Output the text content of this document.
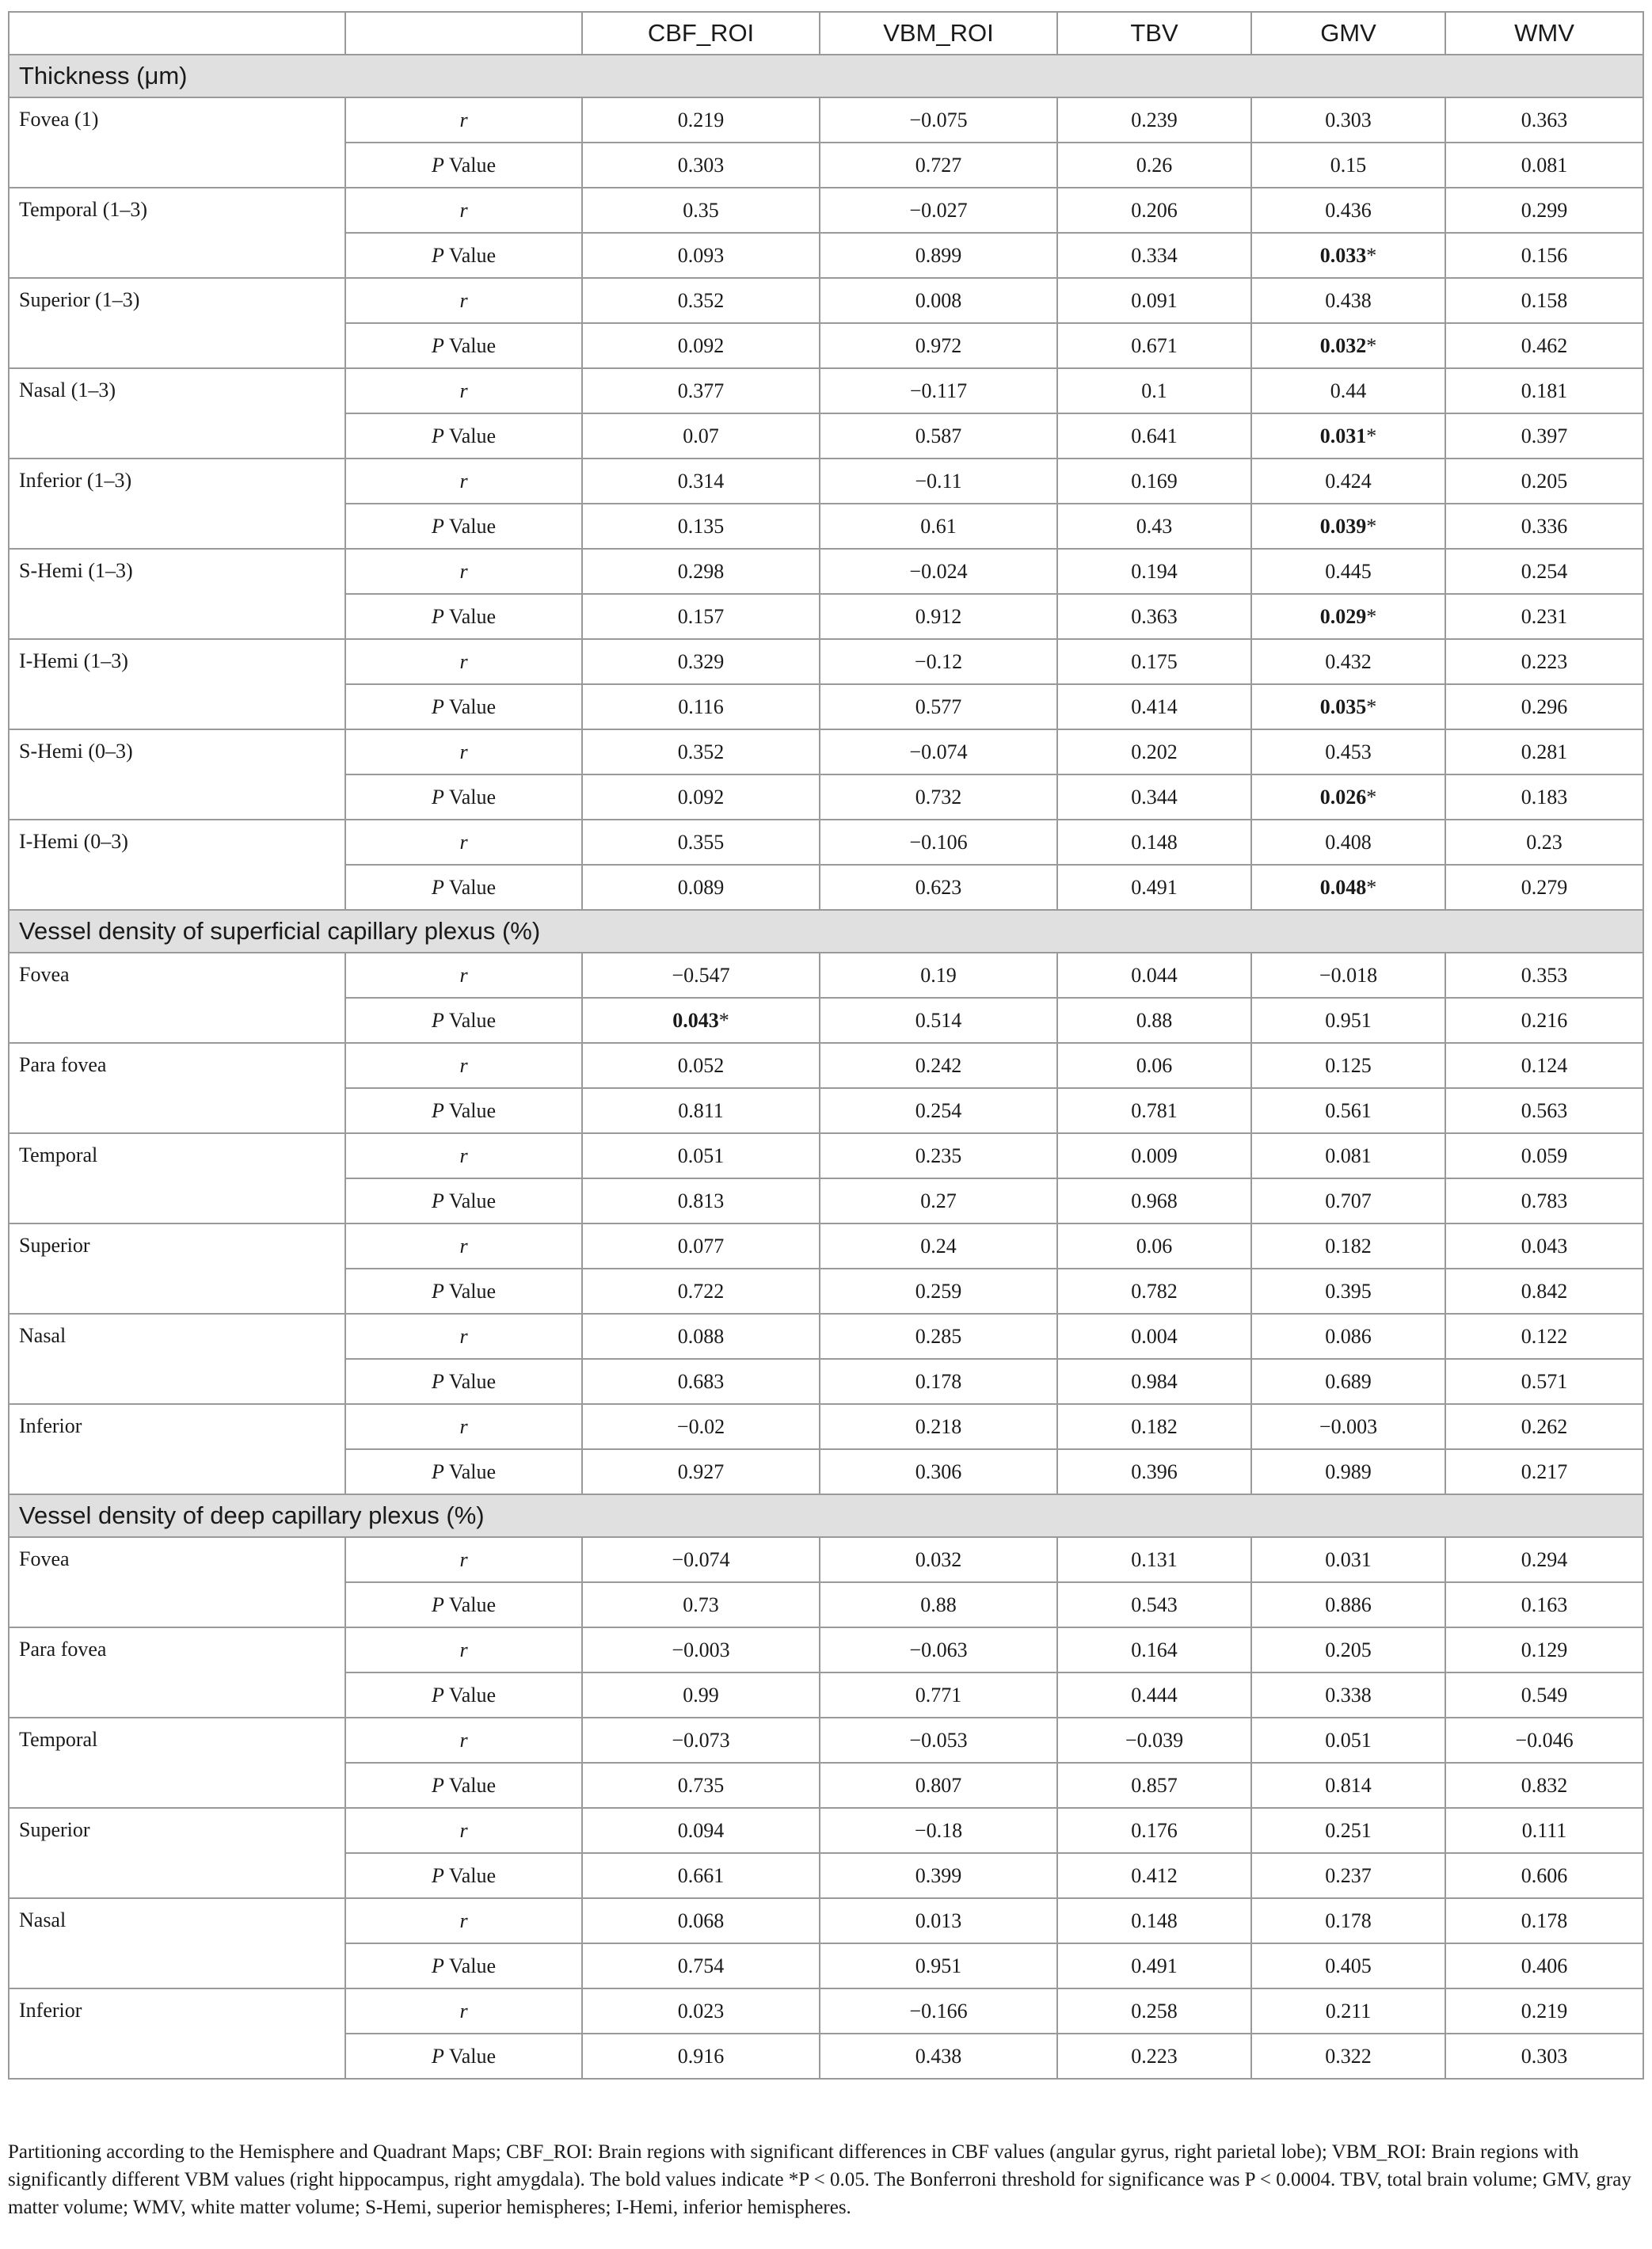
		CBF_ROI	VBM_ROI	TBV	GMV	WMV
Thickness (μm)						
Fovea (1)	r	0.219	−0.075	0.239	0.303	0.363
	P Value	0.303	0.727	0.26	0.15	0.081
Temporal (1–3)	r	0.35	−0.027	0.206	0.436	0.299
	P Value	0.093	0.899	0.334	0.033*	0.156
Superior (1–3)	r	0.352	0.008	0.091	0.438	0.158
	P Value	0.092	0.972	0.671	0.032*	0.462
Nasal (1–3)	r	0.377	−0.117	0.1	0.44	0.181
	P Value	0.07	0.587	0.641	0.031*	0.397
Inferior (1–3)	r	0.314	−0.11	0.169	0.424	0.205
	P Value	0.135	0.61	0.43	0.039*	0.336
S-Hemi (1–3)	r	0.298	−0.024	0.194	0.445	0.254
	P Value	0.157	0.912	0.363	0.029*	0.231
I-Hemi (1–3)	r	0.329	−0.12	0.175	0.432	0.223
	P Value	0.116	0.577	0.414	0.035*	0.296
S-Hemi (0–3)	r	0.352	−0.074	0.202	0.453	0.281
	P Value	0.092	0.732	0.344	0.026*	0.183
I-Hemi (0–3)	r	0.355	−0.106	0.148	0.408	0.23
	P Value	0.089	0.623	0.491	0.048*	0.279
Vessel density of superficial capillary plexus (%)						
Fovea	r	−0.547	0.19	0.044	−0.018	0.353
	P Value	0.043*	0.514	0.88	0.951	0.216
Para fovea	r	0.052	0.242	0.06	0.125	0.124
	P Value	0.811	0.254	0.781	0.561	0.563
Temporal	r	0.051	0.235	0.009	0.081	0.059
	P Value	0.813	0.27	0.968	0.707	0.783
Superior	r	0.077	0.24	0.06	0.182	0.043
	P Value	0.722	0.259	0.782	0.395	0.842
Nasal	r	0.088	0.285	0.004	0.086	0.122
	P Value	0.683	0.178	0.984	0.689	0.571
Inferior	r	−0.02	0.218	0.182	−0.003	0.262
	P Value	0.927	0.306	0.396	0.989	0.217
Vessel density of deep capillary plexus (%)						
Fovea	r	−0.074	0.032	0.131	0.031	0.294
	P Value	0.73	0.88	0.543	0.886	0.163
Para fovea	r	−0.003	−0.063	0.164	0.205	0.129
	P Value	0.99	0.771	0.444	0.338	0.549
Temporal	r	−0.073	−0.053	−0.039	0.051	−0.046
	P Value	0.735	0.807	0.857	0.814	0.832
Superior	r	0.094	−0.18	0.176	0.251	0.111
	P Value	0.661	0.399	0.412	0.237	0.606
Nasal	r	0.068	0.013	0.148	0.178	0.178
	P Value	0.754	0.951	0.491	0.405	0.406
Inferior	r	0.023	−0.166	0.258	0.211	0.219
	P Value	0.916	0.438	0.223	0.322	0.303
Partitioning according to the Hemisphere and Quadrant Maps; CBF_ROI: Brain regions with significant differences in CBF values (angular gyrus, right parietal lobe); VBM_ROI: Brain regions with significantly different VBM values (right hippocampus, right amygdala). The bold values indicate *P < 0.05. The Bonferroni threshold for significance was P < 0.0004. TBV, total brain volume; GMV, gray matter volume; WMV, white matter volume; S-Hemi, superior hemispheres; I-Hemi, inferior hemispheres.
